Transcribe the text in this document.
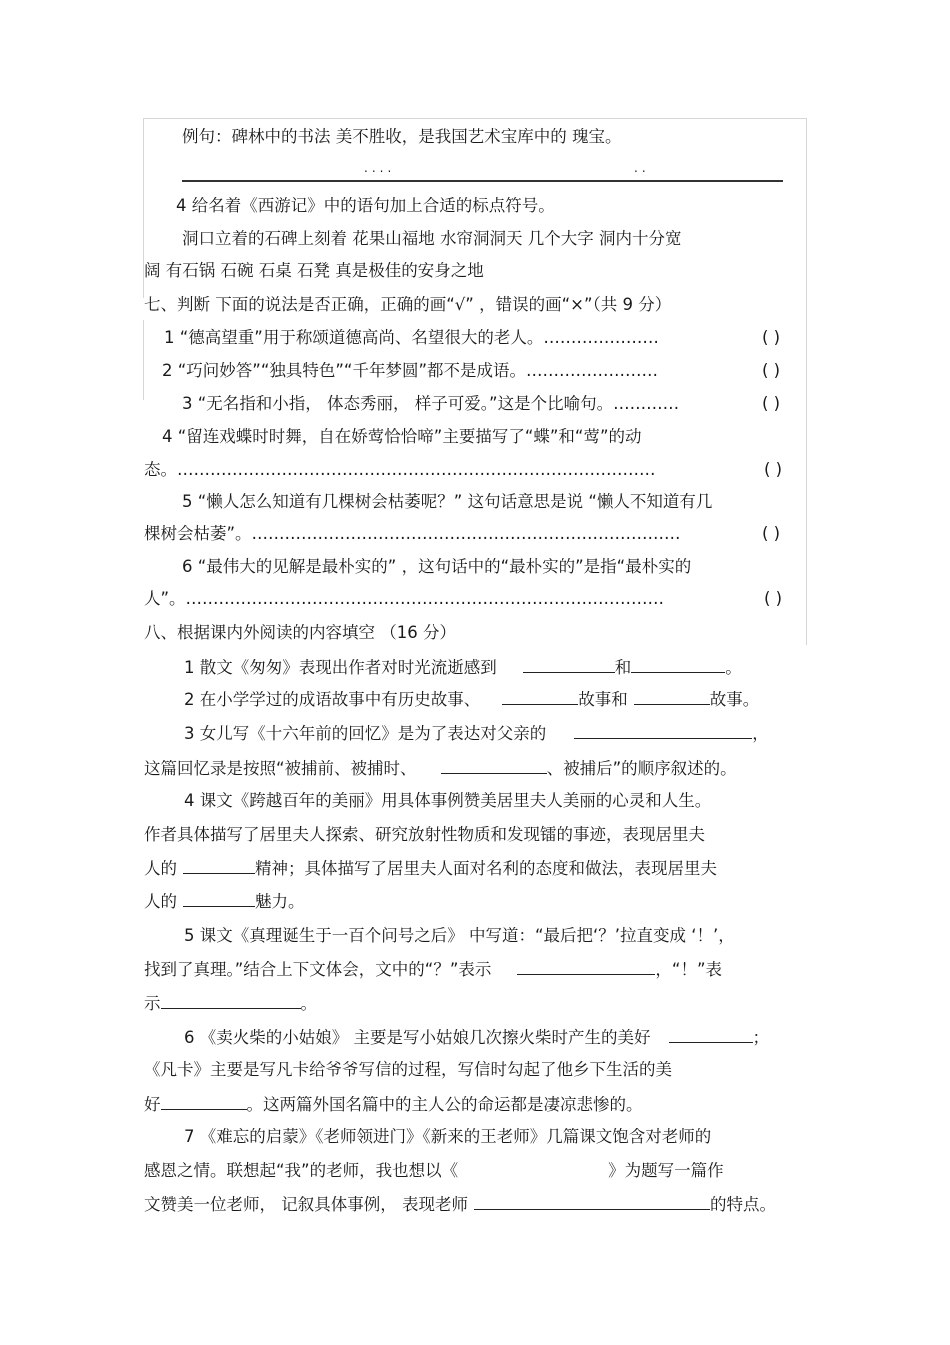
例句：碑林中的书法 美不胜收，是我国艺术宝库中的 瑰宝。
....	..
4 给名着《西游记》中的语句加上合适的标点符号。
洞口立着的石碑上刻着 花果山福地 水帘洞洞天 几个大字 洞内十分宽
阔 有石锅 石碗 石桌 石凳 真是极佳的安身之地
七、判断 下面的说法是否正确，正确的画“√” ，错误的画“×”（共 9 分）
1 “德高望重”用于称颂道德高尚、名望很大的老人。…………………	( )
2 “巧问妙答”“独具特色”“千年梦圆”都不是成语。……………………	( )
3 “无名指和小指， 体态秀丽， 样子可爱。”这是个比喻句。…………	( )
4 “留连戏蝶时时舞，自在娇莺恰恰啼”主要描写了“蝶”和“莺”的动
态。……………………………………………………………………………	( )
5 “懒人怎么知道有几棵树会枯萎呢？” 这句话意思是说 “懒人不知道有几
棵树会枯萎”。……………………………………………………………………	( )
6 “最伟大的见解是最朴实的” ，这句话中的“最朴实的”是指“最朴实的
人”。……………………………………………………………………………	( )
八、根据课内外阅读的内容填空 （16 分）
1 散文《匆匆》表现出作者对时光流逝感到	和	。
2 在小学学过的成语故事中有历史故事、	故事和	故事。
3 女儿写《十六年前的回忆》是为了表达对父亲的	，
这篇回忆录是按照“被捕前、被捕时、	、被捕后”的顺序叙述的。
4 课文《跨越百年的美丽》用具体事例赞美居里夫人美丽的心灵和人生。
作者具体描写了居里夫人探索、研究放射性物质和发现镭的事迹，表现居里夫
人的	精神；具体描写了居里夫人面对名利的态度和做法，表现居里夫
人的	魅力。
5 课文《真理诞生于一百个问号之后》 中写道：“最后把‘？’拉直变成 ‘！’，
找到了真理。”结合上下文体会，文中的“？”表示	，“！”表
示	。
6 《卖火柴的小姑娘》 主要是写小姑娘几次擦火柴时产生的美好	；
《凡卡》主要是写凡卡给爷爷写信的过程，写信时勾起了他乡下生活的美
好	。这两篇外国名篇中的主人公的命运都是凄凉悲惨的。
7 《难忘的启蒙》《老师领进门》《新来的王老师》几篇课文饱含对老师的
感恩之情。联想起“我”的老师，我也想以《	》为题写一篇作
文赞美一位老师， 记叙具体事例， 表现老师	的特点。
